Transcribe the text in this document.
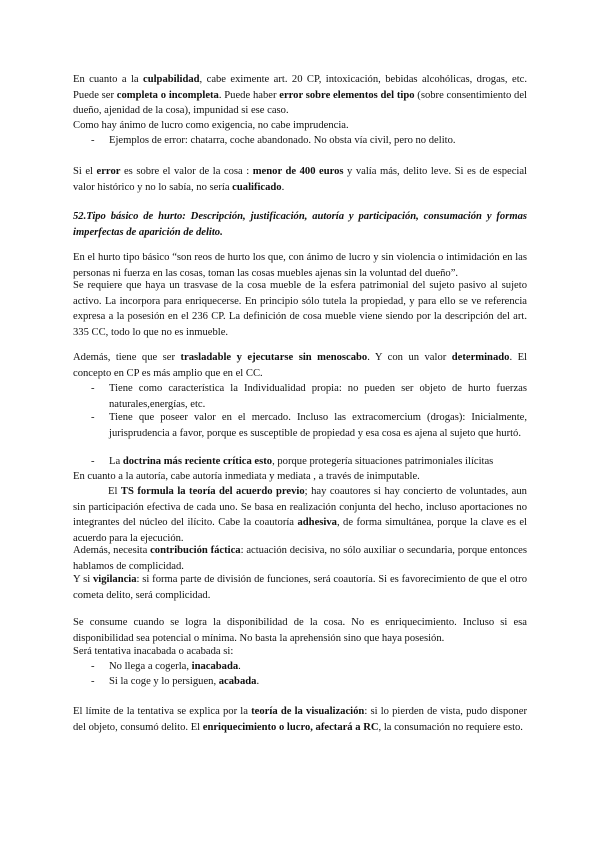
En cuanto a la culpabilidad, cabe eximente art. 20 CP, intoxicación, bebidas alcohólicas, drogas, etc. Puede ser completa o incompleta. Puede haber error sobre elementos del tipo (sobre consentimiento del dueño, ajenidad de la cosa), impunidad si ese caso.

Como hay ánimo de lucro como exigencia, no cabe imprudencia.

-	Ejemplos de error: chatarra, coche abandonado. No obsta vía civil, pero no delito.

Si el error es sobre el valor de la cosa : menor de 400 euros y valía más, delito leve. Si es de especial valor histórico y no lo sabía, no sería cualificado.

52.Tipo básico de hurto: Descripción, justificación, autoría y participación, consumación y formas imperfectas de aparición de delito.

En el hurto tipo básico “son reos de hurto los que, con ánimo de lucro y sin violencia o intimidación en las personas ni fuerza en las cosas, toman las cosas muebles ajenas sin la voluntad del dueño”.

Se requiere que haya un trasvase de la cosa mueble de la esfera patrimonial del sujeto pasivo al sujeto activo. La incorpora para enriquecerse. En principio sólo tutela la propiedad, y para ello se ve referencia expresa a la posesión en el 236 CP. La definición de cosa mueble viene siendo por la descripción del art. 335 CC, todo lo que no es inmueble.

Además, tiene que ser trasladable y ejecutarse sin menoscabo. Y con un valor determinado. El concepto en CP es más amplio que en el CC.

-	Tiene como característica la Individualidad propia: no pueden ser objeto de hurto fuerzas naturales,energías, etc.

-	Tiene que poseer valor en el mercado. Incluso las extracomercium (drogas): Inicialmente, jurisprudencia a favor, porque es susceptible de propiedad y esa cosa es ajena al sujeto que hurtó.

-	La doctrina más reciente crítica esto, porque protegería situaciones patrimoniales ilícitas

En cuanto a la autoría, cabe autoría inmediata y mediata , a través de inimputable.

El TS formula la teoría del acuerdo previo; hay coautores si hay concierto de voluntades, aun sin participación efectiva de cada uno. Se basa en realización conjunta del hecho, incluso aportaciones no integrantes del núcleo del ilícito. Cabe la coautoría adhesiva, de forma simultánea, porque la clave es el acuerdo para la ejecución.

Además, necesita contribución fáctica: actuación decisiva, no sólo auxiliar o secundaria, porque entonces hablamos de complicidad.

Y si vigilancia: si forma parte de división de funciones, será coautoría. Si es favorecimiento de que el otro cometa delito, será complicidad.

Se consume cuando se logra la disponibilidad de la cosa. No es enriquecimiento. Incluso si esa disponibilidad sea potencial o mínima. No basta la aprehensión sino que haya posesión.

Será tentativa inacabada o acabada si:

-	No llega a cogerla, inacabada.

-	Si la coge y lo persiguen, acabada.

El límite de la tentativa se explica por la teoría de la visualización: si lo pierden de vista, pudo disponer del objeto, consumó delito. El enriquecimiento o lucro, afectará a RC, la consumación no requiere esto.
